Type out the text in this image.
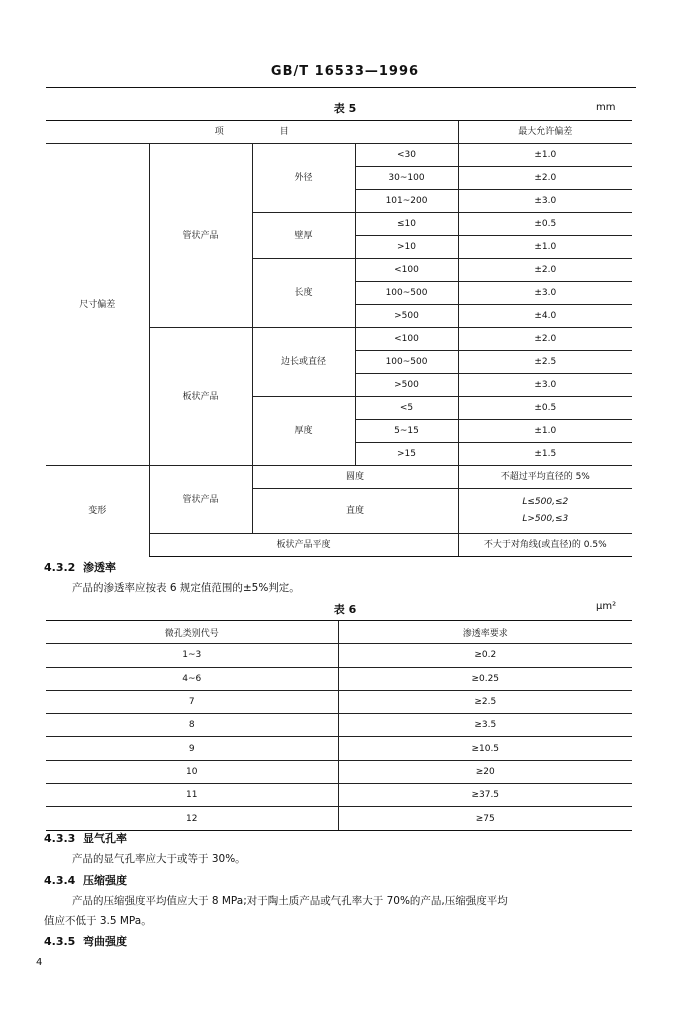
GB/T 16533—1996
表 5	mm
项 目				最大允许偏差
尺寸偏差	管状产品	外径	<30	±1.0
			30~100	±2.0
			101~200	±3.0
		壁厚	≤10	±0.5
			>10	±1.0
		长度	<100	±2.0
			100~500	±3.0
			>500	±4.0
	板状产品	边长或直径	<100	±2.0
			100~500	±2.5
			>500	±3.0
		厚度	<5	±0.5
			5~15	±1.0
			>15	±1.5
变形	管状产品	圆度		不超过平均直径的 5%
		直度		L≤500,≤2
L>500,≤3

	板状产品平度			不大于对角线(或直径)的 0.5%
4.3.2 渗透率
产品的渗透率应按表 6 规定值范围的±5%判定。
表 6	μm²
微孔类别代号	渗透率要求
1~3	≥0.2
4~6	≥0.25
7	≥2.5
8	≥3.5
9	≥10.5
10	≥20
11	≥37.5
12	≥75
4.3.3 显气孔率
产品的显气孔率应大于或等于 30%。
4.3.4 压缩强度
产品的压缩强度平均值应大于 8 MPa;对于陶土质产品或气孔率大于 70%的产品,压缩强度平均
值应不低于 3.5 MPa。
4.3.5 弯曲强度
4
